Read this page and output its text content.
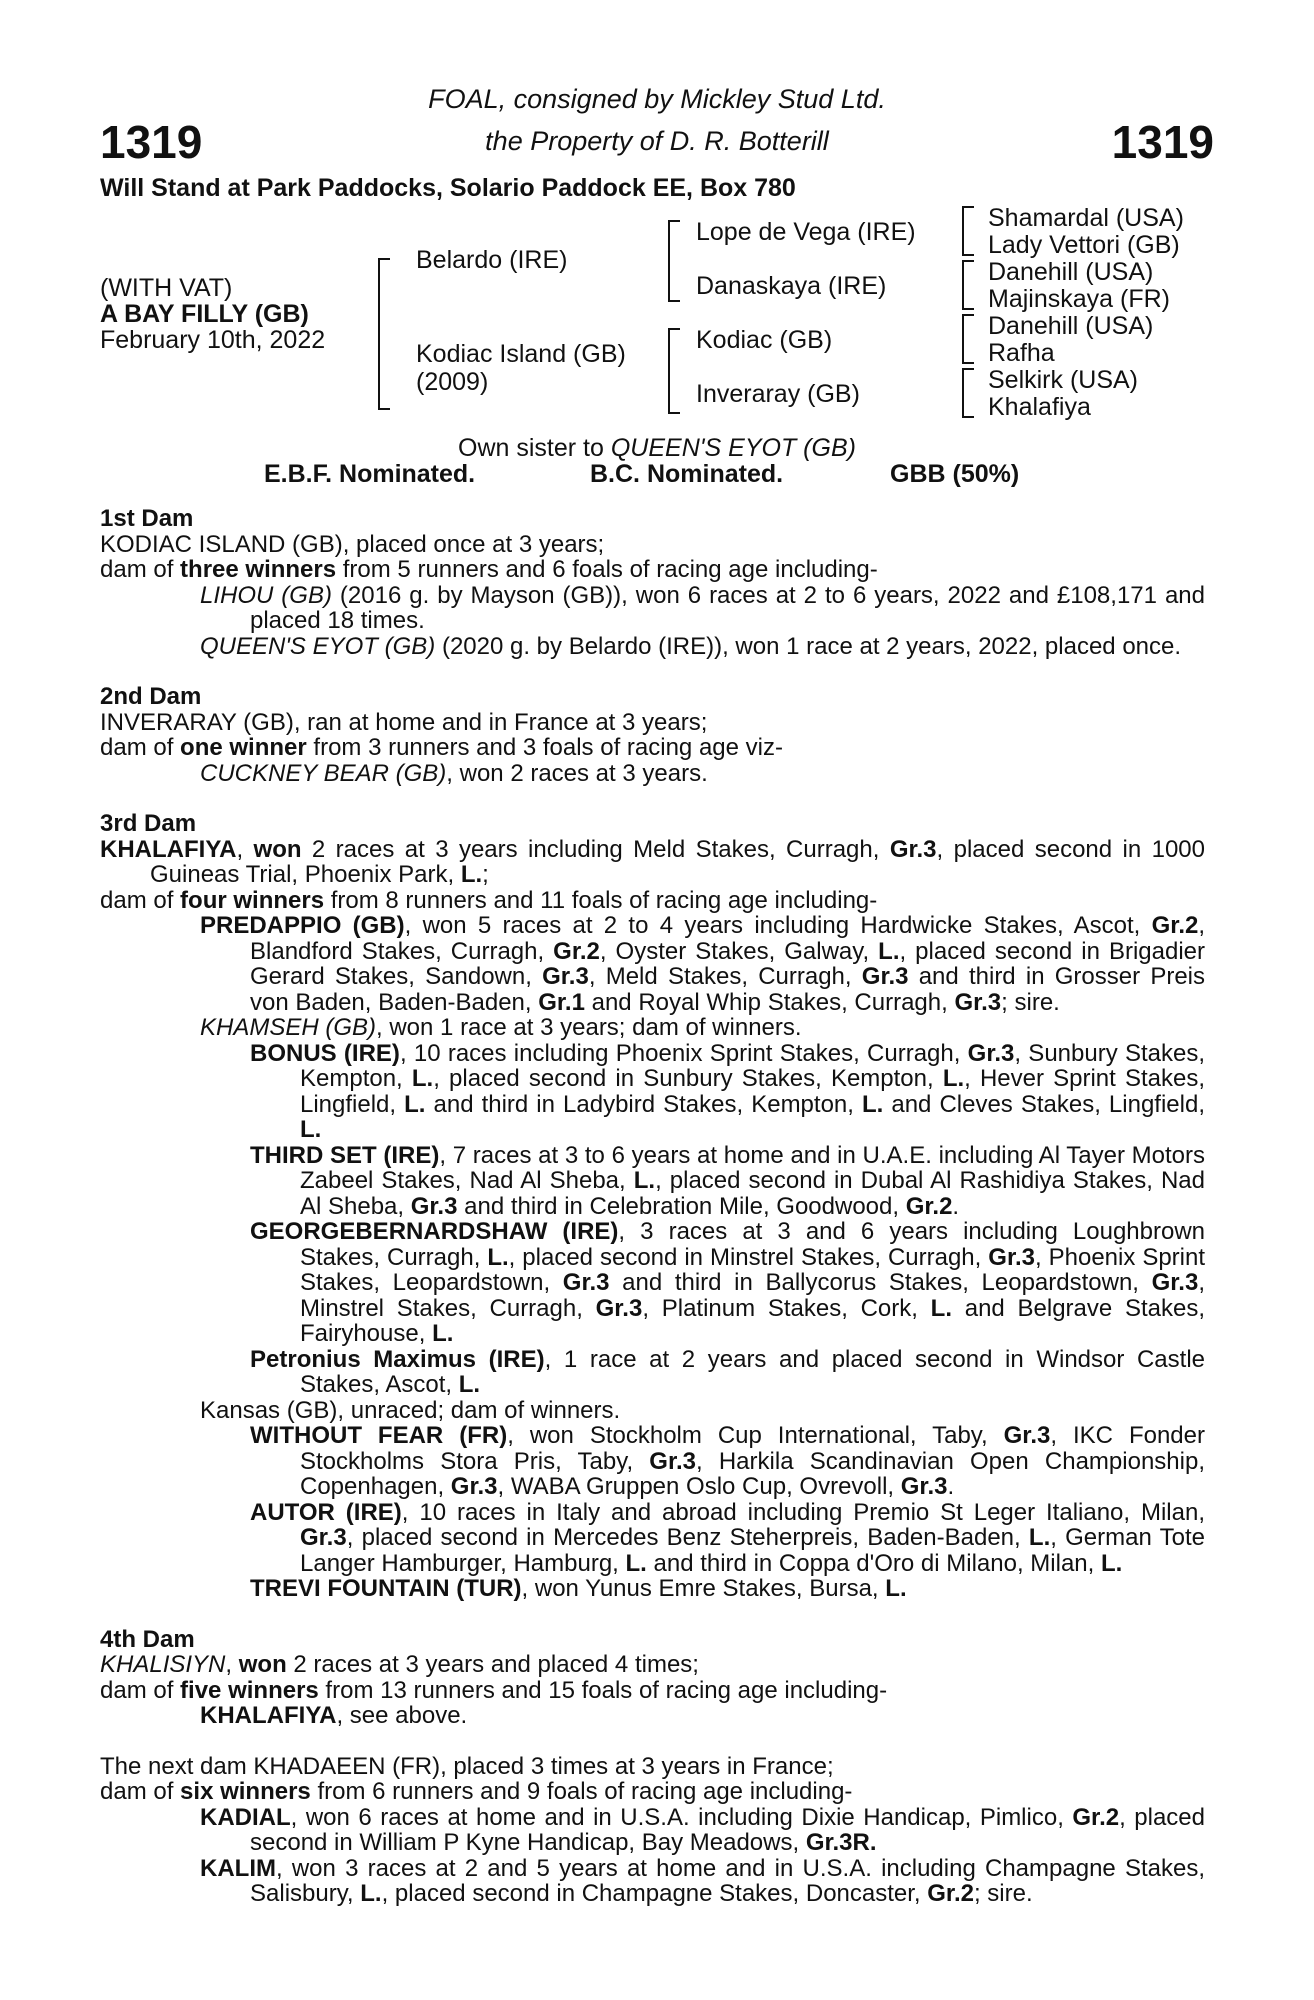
1319	1319
FOAL, consigned by Mickley Stud Ltd.
the Property of D. R. Botterill
Will Stand at Park Paddocks, Solario Paddock EE, Box 780
(WITH VAT)
A BAY FILLY (GB)
February 10th, 2022
Belardo (IRE)
Kodiac Island (GB)
(2009)
Lope de Vega (IRE)
Danaskaya (IRE)
Kodiac (GB)
Inveraray (GB)
Shamardal (USA)
Lady Vettori (GB)
Danehill (USA)
Majinskaya (FR)
Danehill (USA)
Rafha
Selkirk (USA)
Khalafiya
Own sister to QUEEN'S EYOT (GB)
E.B.F. Nominated.	B.C. Nominated.	GBB (50%)
1st Dam
KODIAC ISLAND (GB), placed once at 3 years;
dam of three winners from 5 runners and 6 foals of racing age including-
LIHOU (GB) (2016 g. by Mayson (GB)), won 6 races at 2 to 6 years, 2022 and £108,171 and placed 18 times.
QUEEN'S EYOT (GB) (2020 g. by Belardo (IRE)), won 1 race at 2 years, 2022, placed once.
2nd Dam
INVERARAY (GB), ran at home and in France at 3 years;
dam of one winner from 3 runners and 3 foals of racing age viz-
CUCKNEY BEAR (GB), won 2 races at 3 years.
3rd Dam
KHALAFIYA, won 2 races at 3 years including Meld Stakes, Curragh, Gr.3, placed second in 1000 Guineas Trial, Phoenix Park, L.;
dam of four winners from 8 runners and 11 foals of racing age including-
PREDAPPIO (GB), won 5 races at 2 to 4 years including Hardwicke Stakes, Ascot, Gr.2, Blandford Stakes, Curragh, Gr.2, Oyster Stakes, Galway, L., placed second in Brigadier Gerard Stakes, Sandown, Gr.3, Meld Stakes, Curragh, Gr.3 and third in Grosser Preis von Baden, Baden-Baden, Gr.1 and Royal Whip Stakes, Curragh, Gr.3; sire.
KHAMSEH (GB), won 1 race at 3 years; dam of winners.
BONUS (IRE), 10 races including Phoenix Sprint Stakes, Curragh, Gr.3, Sunbury Stakes, Kempton, L., placed second in Sunbury Stakes, Kempton, L., Hever Sprint Stakes, Lingfield, L. and third in Ladybird Stakes, Kempton, L. and Cleves Stakes, Lingfield, L.
THIRD SET (IRE), 7 races at 3 to 6 years at home and in U.A.E. including Al Tayer Motors Zabeel Stakes, Nad Al Sheba, L., placed second in Dubal Al Rashidiya Stakes, Nad Al Sheba, Gr.3 and third in Celebration Mile, Goodwood, Gr.2.
GEORGEBERNARDSHAW (IRE), 3 races at 3 and 6 years including Loughbrown Stakes, Curragh, L., placed second in Minstrel Stakes, Curragh, Gr.3, Phoenix Sprint Stakes, Leopardstown, Gr.3 and third in Ballycorus Stakes, Leopardstown, Gr.3, Minstrel Stakes, Curragh, Gr.3, Platinum Stakes, Cork, L. and Belgrave Stakes, Fairyhouse, L.
Petronius Maximus (IRE), 1 race at 2 years and placed second in Windsor Castle Stakes, Ascot, L.
Kansas (GB), unraced; dam of winners.
WITHOUT FEAR (FR), won Stockholm Cup International, Taby, Gr.3, IKC Fonder Stockholms Stora Pris, Taby, Gr.3, Harkila Scandinavian Open Championship, Copenhagen, Gr.3, WABA Gruppen Oslo Cup, Ovrevoll, Gr.3.
AUTOR (IRE), 10 races in Italy and abroad including Premio St Leger Italiano, Milan, Gr.3, placed second in Mercedes Benz Steherpreis, Baden-Baden, L., German Tote Langer Hamburger, Hamburg, L. and third in Coppa d'Oro di Milano, Milan, L.
TREVI FOUNTAIN (TUR), won Yunus Emre Stakes, Bursa, L.
4th Dam
KHALISIYN, won 2 races at 3 years and placed 4 times;
dam of five winners from 13 runners and 15 foals of racing age including-
KHALAFIYA, see above.
The next dam KHADAEEN (FR), placed 3 times at 3 years in France;
dam of six winners from 6 runners and 9 foals of racing age including-
KADIAL, won 6 races at home and in U.S.A. including Dixie Handicap, Pimlico, Gr.2, placed second in William P Kyne Handicap, Bay Meadows, Gr.3R.
KALIM, won 3 races at 2 and 5 years at home and in U.S.A. including Champagne Stakes, Salisbury, L., placed second in Champagne Stakes, Doncaster, Gr.2; sire.
